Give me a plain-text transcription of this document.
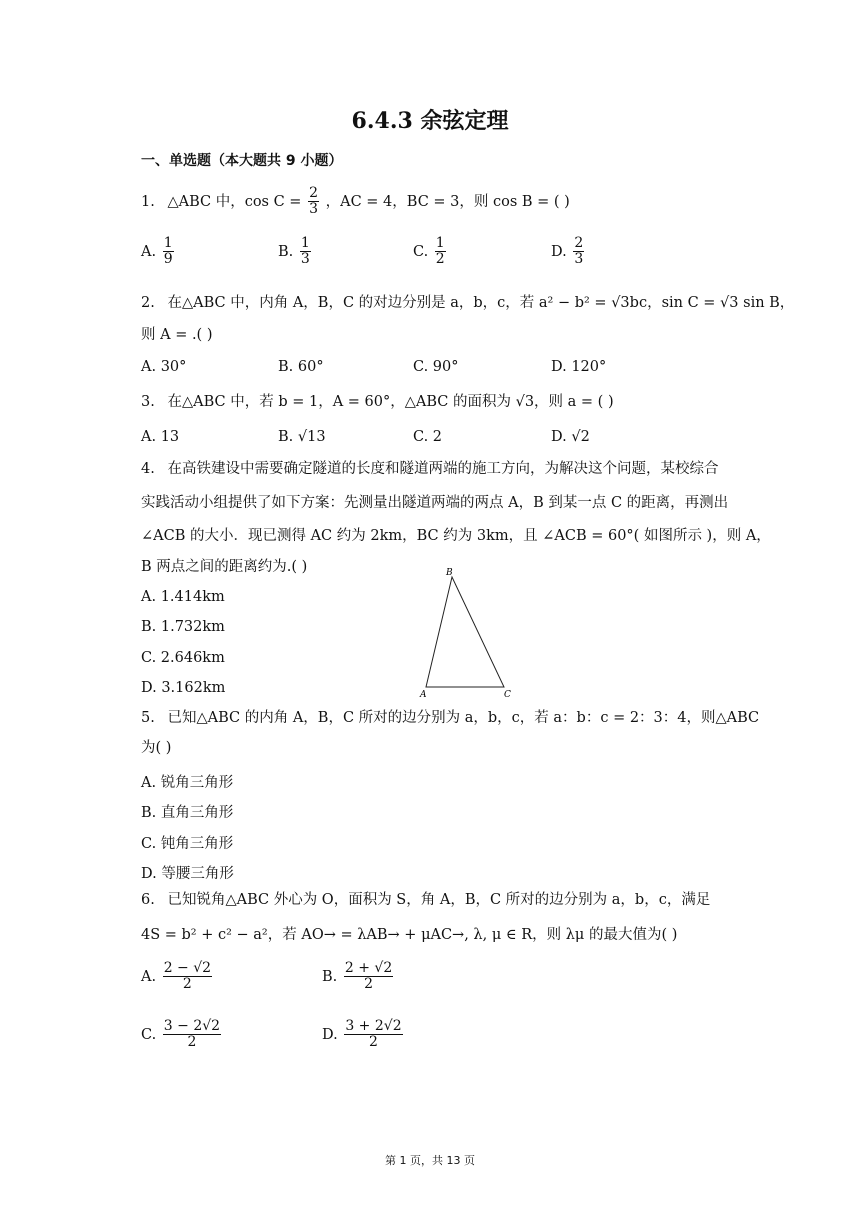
6.4.3 余弦定理
一、单选题（本大题共 9 小题）
1. △ABC 中，$\cos C = \frac{2}{3}$ ，AC = 4，BC = 3，则 cos B = ( )
A. $\frac{1}{9}$	B. $\frac{1}{3}$	C. $\frac{1}{2}$	D. $\frac{2}{3}$
2. 在△ABC 中，内角 A，B，C 的对边分别是 a，b，c，若 a² − b² = √3bc，sin C = √3 sin B，
则 A = .( )
A. 30°	B. 60°	C. 90°	D. 120°
3. 在△ABC 中，若 b = 1，A = 60°，△ABC 的面积为 √3，则 a = ( )
A. 13	B. √13	C. 2	D. √2
4. 在高铁建设中需要确定隧道的长度和隧道两端的施工方向，为解决这个问题，某校综合
实践活动小组提供了如下方案：先测量出隧道两端的两点 A，B 到某一点 C 的距离，再测出
∠ACB 的大小．现已测得 AC 约为 2km，BC 约为 3km，且 ∠ACB = 60°( 如图所示 )，则 A，
B 两点之间的距离约为.( )
A. 1.414km
B. 1.732km
C. 2.646km
D. 3.162km
B
A	C
5. 已知△ABC 的内角 A，B，C 所对的边分别为 a，b，c，若 a：b：c = 2：3：4，则△ABC
为( )
A. 锐角三角形
B. 直角三角形
C. 钝角三角形
D. 等腰三角形
6. 已知锐角△ABC 外心为 O，面积为 S，角 A，B，C 所对的边分别为 a，b，c，满足
4S = b² + c² − a²，若 AO→ = λAB→ + μAC→, λ, μ ∈ R，则 λμ 的最大值为( )
A. $\frac{2 - √2}{2}$	B. $\frac{2 + √2}{2}$
C. $\frac{3 - 2√2}{2}$	D. $\frac{3 + 2√2}{2}$
第 1 页，共 13 页
